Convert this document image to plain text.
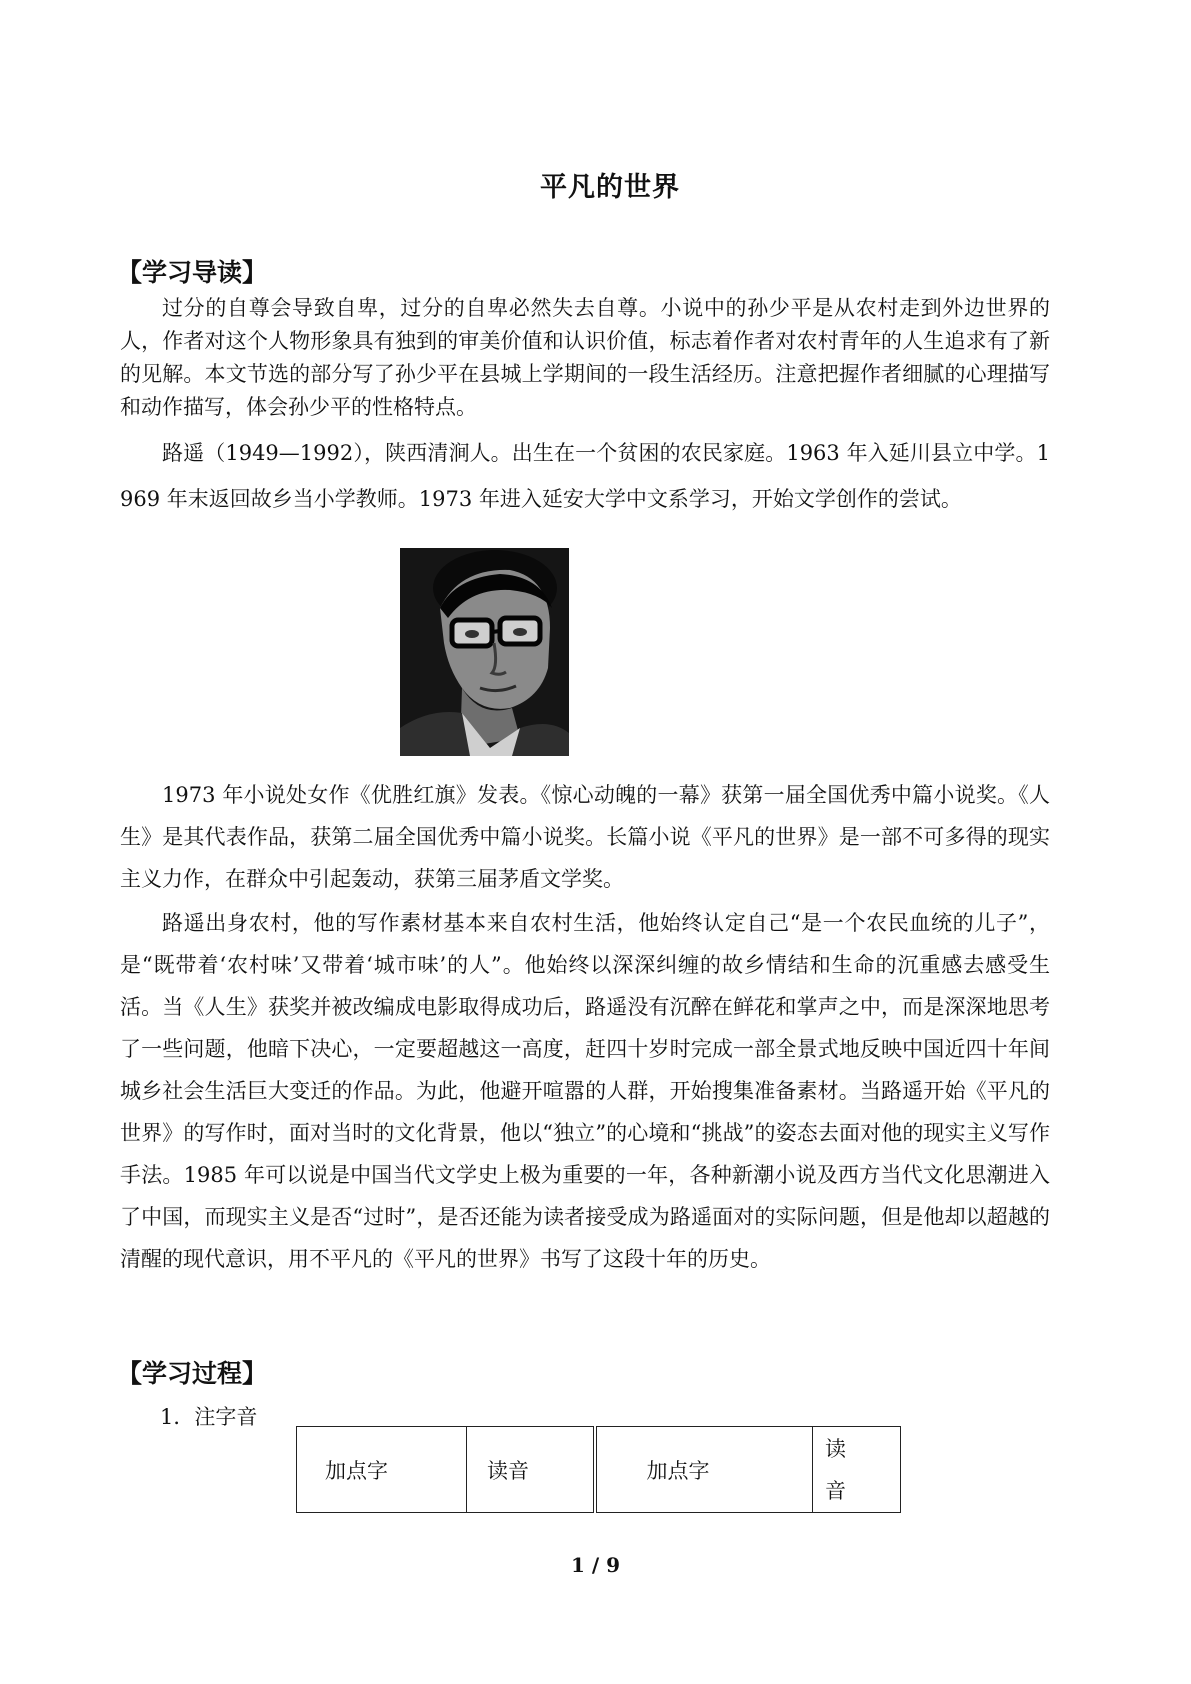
平凡的世界
【学习导读】
过分的自尊会导致自卑，过分的自卑必然失去自尊。小说中的孙少平是从农村走到外边世界的人，作者对这个人物形象具有独到的审美价值和认识价值，标志着作者对农村青年的人生追求有了新的见解。本文节选的部分写了孙少平在县城上学期间的一段生活经历。注意把握作者细腻的心理描写和动作描写，体会孙少平的性格特点。
路遥（1949—1992），陕西清涧人。出生在一个贫困的农民家庭。1963 年入延川县立中学。1969 年末返回故乡当小学教师。1973 年进入延安大学中文系学习，开始文学创作的尝试。
1973 年小说处女作《优胜红旗》发表。《惊心动魄的一幕》获第一届全国优秀中篇小说奖。《人生》是其代表作品，获第二届全国优秀中篇小说奖。长篇小说《平凡的世界》是一部不可多得的现实主义力作，在群众中引起轰动，获第三届茅盾文学奖。
路遥出身农村，他的写作素材基本来自农村生活，他始终认定自己“是一个农民血统的儿子”，是“既带着‘农村味’又带着‘城市味’的人”。他始终以深深纠缠的故乡情结和生命的沉重感去感受生活。当《人生》获奖并被改编成电影取得成功后，路遥没有沉醉在鲜花和掌声之中，而是深深地思考了一些问题，他暗下决心，一定要超越这一高度，赶四十岁时完成一部全景式地反映中国近四十年间城乡社会生活巨大变迁的作品。为此，他避开喧嚣的人群，开始搜集准备素材。当路遥开始《平凡的世界》的写作时，面对当时的文化背景，他以“独立”的心境和“挑战”的姿态去面对他的现实主义写作手法。1985 年可以说是中国当代文学史上极为重要的一年，各种新潮小说及西方当代文化思潮进入了中国，而现实主义是否“过时”，是否还能为读者接受成为路遥面对的实际问题，但是他却以超越的清醒的现代意识，用不平凡的《平凡的世界》书写了这段十年的历史。
【学习过程】
1．注字音
加点字	读音	加点字	读
音
1 / 9
